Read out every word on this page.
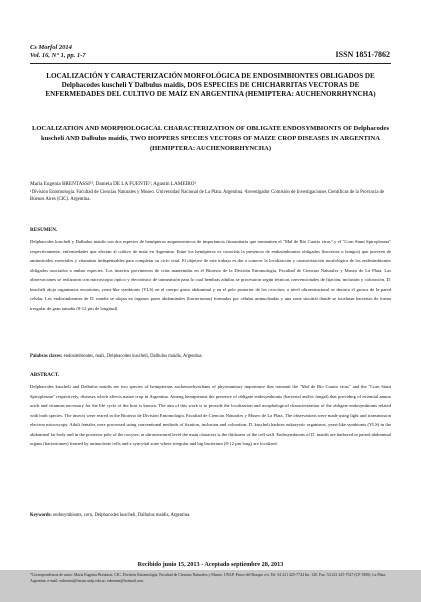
Cs Morfol 2014
Vol. 16, N° 1, pp. 1-7	ISSN 1851-7862
LOCALIZACIÓN Y CARACTERIZACIÓN MORFOLÓGICA DE ENDOSIMBIONTES OBLIGADOS DE Delphacodes kuscheli Y Dalbulus maidis, DOS ESPECIES DE CHICHARRITAS VECTORAS DE ENFERMEDADES DEL CULTIVO DE MAÍZ EN ARGENTINA (HEMIPTERA: AUCHENORRHYNCHA)
LOCALIZATION AND MORPHOLOGICAL CHARACTERIZATION OF OBLIGATE ENDOSYMBIONTS OF Delphacodes kuscheli AND Dalbulus maidis, TWO HOPPERS SPECIES VECTORS OF MAIZE CROP DISEASES IN ARGENTINA (HEMIPTERA: AUCHENORRHYNCHA)
María Eugenia BRENTASSI¹²; Daniela DE LA FUENTE¹; Agustín LAMEIRO¹
¹División Entomología. Facultad de Ciencias Naturales y Museo. Universidad Nacional de La Plata. Argentina. ²Investigador Comisión de Investigaciones Científicas de la Provincia de Buenos Aires (CIC). Argentina.
RESUMEN.
Delphacodes kuscheli y Dalbulus maidis son dos especies de hemípteros auquenorrincos de importancia fitosanitaria que transmiten el "Mal de Río Cuarto virus" y el "Corn Stunt Spiroplasma" respectivamente, enfermedades que afectan al cultivo de maíz en Argentina. Entre los hemípteros es conocida la presencia de endosimbiontes obligados (bacterias u hongos) que proveen de aminoácidos esenciales y vitaminas indispensables para completar su ciclo vital. El objetivo de este trabajo es dar a conocer la localización y caracterización morfológica de los endosimbiontes obligados asociados a ambas especies. Los insectos provinieron de crías mantenidas en el Bioterio de la División Entomología, Facultad de Ciencias Naturales y Museo de La Plata. Las observaciones se realizaron con microscopio óptico y electrónico de transmisión para lo cual hembras adultas se procesaron según técnicas convencionales de fijación, inclusión y coloración. D. kuscheli aloja organismos eucariotas, yeast-like symbionts (YLS) en el cuerpo graso abdominal y en el polo posterior de los ovocitos; a nivel ultraestructural se destaca el grosor de la pared celular. Los endosimbiontes de D. maidis se alojan en órganos pares abdominales (bacteriomas) formados por células uninucleadas y una zona sincitial donde se localizan bacterias de forma irregular de gran tamaño (8-12 µm de longitud).
Palabras claves: endosimbiontes, maíz, Delphacodes kuscheli, Dalbulus maidis, Argentina.
ABSTRACT.
Delphacodes kuscheli and Dalbulus maidis are two species of hemipterans auchenorrhynchans of phytosanitary importance that transmit the "Mal de Río Cuarto virus" and the "Corn Stunt Spiroplasma" respectively, diseases which affects maize crop in Argentina. Among hemipterans the presence of obligate endosymbionts (bacterial and/or fungal) that providing of essential amino acids and vitamins necessary for the life cycle of the host is known. The aim of this work is to provide the localization and morphological characterization of the obligate endosymbionts related with both species. The insects were reared in the Bioterio de División Entomología, Facultad de Ciencias Naturales y Museo de La Plata. The observations were made using light and transmission electron microscopy. Adult females were processed using conventional methods of fixation, inclusion and coloration. D. kuscheli harbors eukaryotic organisms, yeast-like symbionts (YLS) in the abdominal fat body and in the posterior pole of the oocytes; at ultrastructural level the main character is the thickness of the cell wall. Endosymbionts of D. maidis are harbored in paired abdominal organs (bacteriomes) formed by uninucleate cells and a syncytial zone where irregular and big bacterium (8-12 µm long) are localized.
Keywords: endosymbionts, corn, Delphacodes kuscheli, Dalbulus maidis, Argentina.
Recibido junio 15, 2013 - Aceptado septiembre 28, 2013
*Correspondencia de autor: María Eugenia Brentassi. CIC. División Entomología, Facultad de Ciencias Naturales y Museo. UNLP. Paseo del Bosque s/n. Tel. 54 221 425-7744 Int. 120. Fax: 54 221 425-7527 (CP 1900). La Plata, Argentina. e-mail: eubrenta@fcnym.unlp.edu.ar; eubrenta@hotmail.com
